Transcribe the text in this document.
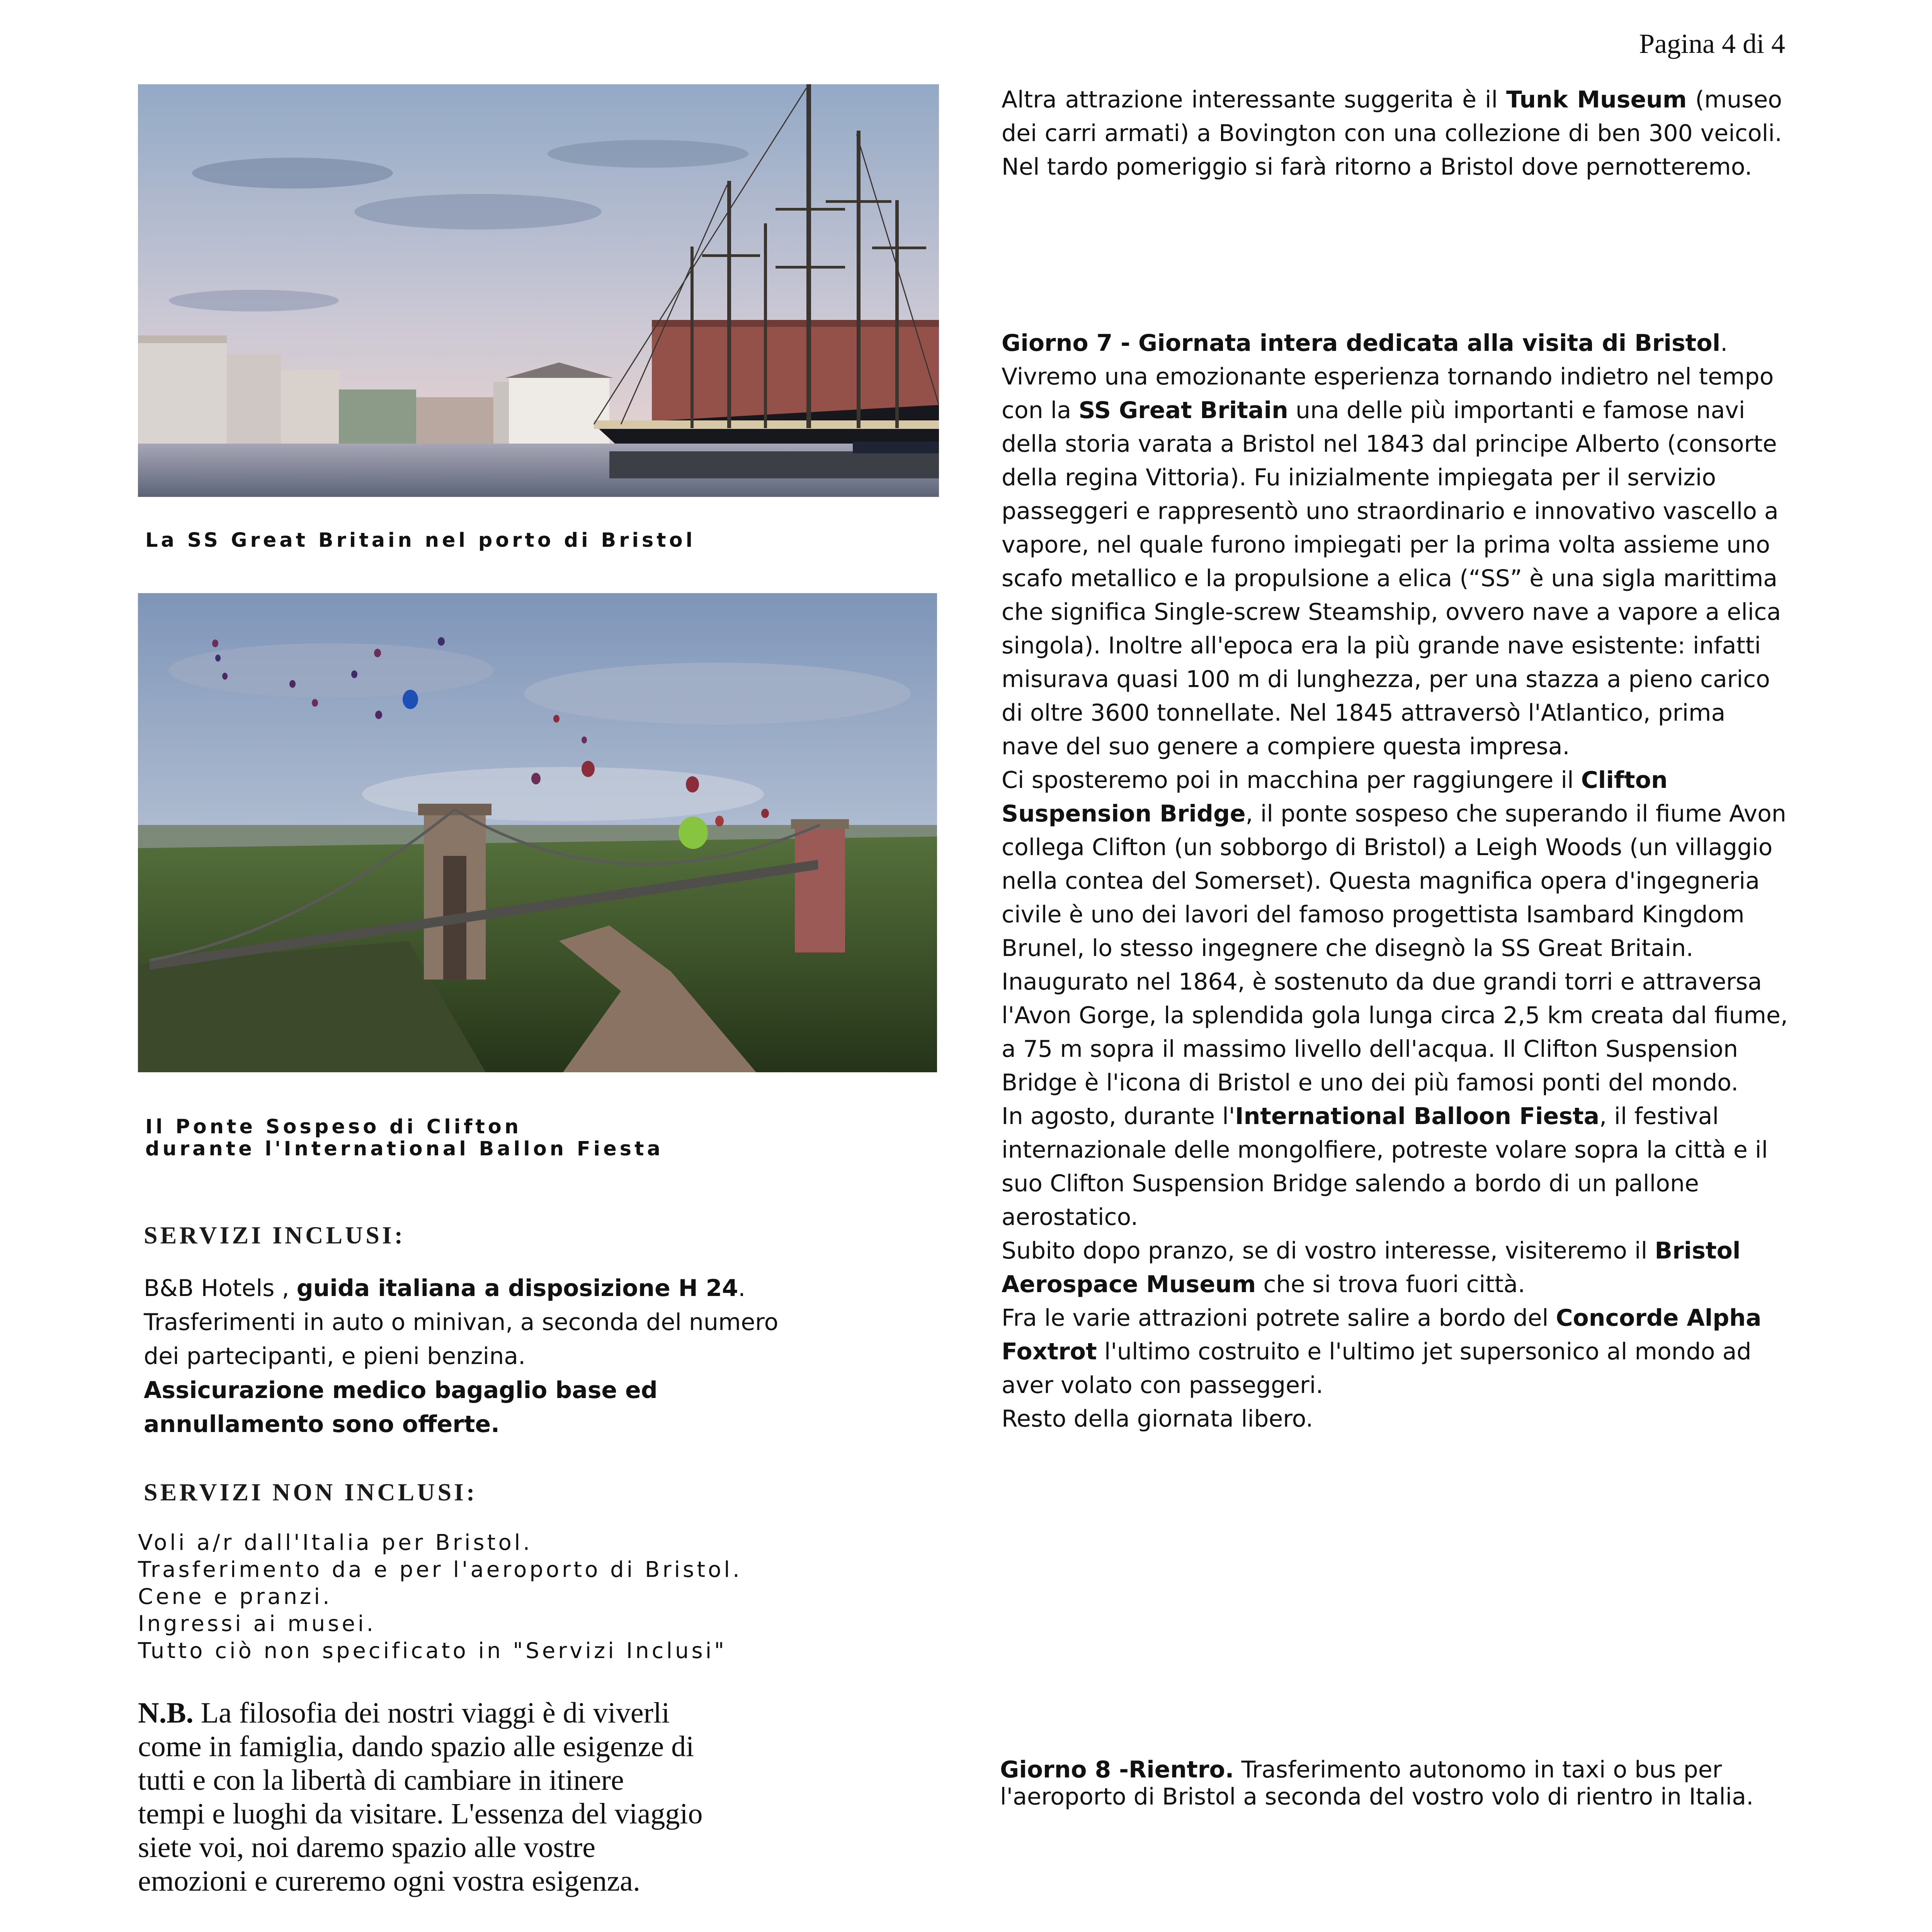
Pagina 4 di 4
La SS Great Britain nel porto di Bristol
Il Ponte Sospeso di Clifton
durante l'International Ballon Fiesta
SERVIZI INCLUSI:
B&B Hotels , guida italiana a disposizione H 24.
Trasferimenti in auto o minivan, a seconda del numero
dei partecipanti, e pieni benzina.
Assicurazione medico bagaglio base ed
annullamento sono offerte.
SERVIZI NON INCLUSI:
Voli a/r dall'Italia per Bristol.
Trasferimento da e per l'aeroporto di Bristol.
Cene e pranzi.
Ingressi ai musei.
Tutto ciò non specificato in "Servizi Inclusi"
N.B. La filosofia dei nostri viaggi è di viverli
come in famiglia, dando spazio alle esigenze di
tutti e con la libertà di cambiare in itinere
tempi e luoghi da visitare. L'essenza del viaggio
siete voi, noi daremo spazio alle vostre
emozioni e cureremo ogni vostra esigenza.

Altra attrazione interessante suggerita è il Tunk Museum (museo dei carri armati) a Bovington con una collezione di ben 300 veicoli.

Nel tardo pomeriggio si farà ritorno a Bristol dove pernotteremo.

Giorno 7 - Giornata intera dedicata alla visita di Bristol.

Vivremo una emozionante esperienza tornando indietro nel tempo con la SS Great Britain una delle più importanti e famose navi della storia varata a Bristol nel 1843 dal principe Alberto (consorte della regina Vittoria). Fu inizialmente impiegata per il servizio passeggeri e rappresentò uno straordinario e innovativo vascello a vapore, nel quale furono impiegati per la prima volta assieme uno scafo metallico e la propulsione a elica (“SS” è una sigla marittima che significa Single-screw Steamship, ovvero nave a vapore a elica singola). Inoltre all'epoca era la più grande nave esistente: infatti misurava quasi 100 m di lunghezza, per una stazza a pieno carico di oltre 3600 tonnellate. Nel 1845 attraversò l'Atlantico, prima nave del suo genere a compiere questa impresa.

Ci sposteremo poi in macchina per raggiungere il Clifton Suspension Bridge, il ponte sospeso che superando il fiume Avon collega Clifton (un sobborgo di Bristol) a Leigh Woods (un villaggio nella contea del Somerset). Questa magnifica opera d'ingegneria civile è uno dei lavori del famoso progettista Isambard Kingdom Brunel, lo stesso ingegnere che disegnò la SS Great Britain.

Inaugurato nel 1864, è sostenuto da due grandi torri e attraversa l'Avon Gorge, la splendida gola lunga circa 2,5 km creata dal fiume, a 75 m sopra il massimo livello dell'acqua. Il Clifton Suspension Bridge è l'icona di Bristol e uno dei più famosi ponti del mondo.

In agosto, durante l'International Balloon Fiesta, il festival internazionale delle mongolfiere, potreste volare sopra la città e il suo Clifton Suspension Bridge salendo a bordo di un pallone aerostatico.

Subito dopo pranzo, se di vostro interesse, visiteremo il Bristol Aerospace Museum che si trova fuori città.

Fra le varie attrazioni potrete salire a bordo del Concorde Alpha Foxtrot l'ultimo costruito e l'ultimo jet supersonico al mondo ad aver volato con passeggeri.

Resto della giornata libero.

Giorno 8 -Rientro. Trasferimento autonomo in taxi o bus per l'aeroporto di Bristol a seconda del vostro volo di rientro in Italia.
